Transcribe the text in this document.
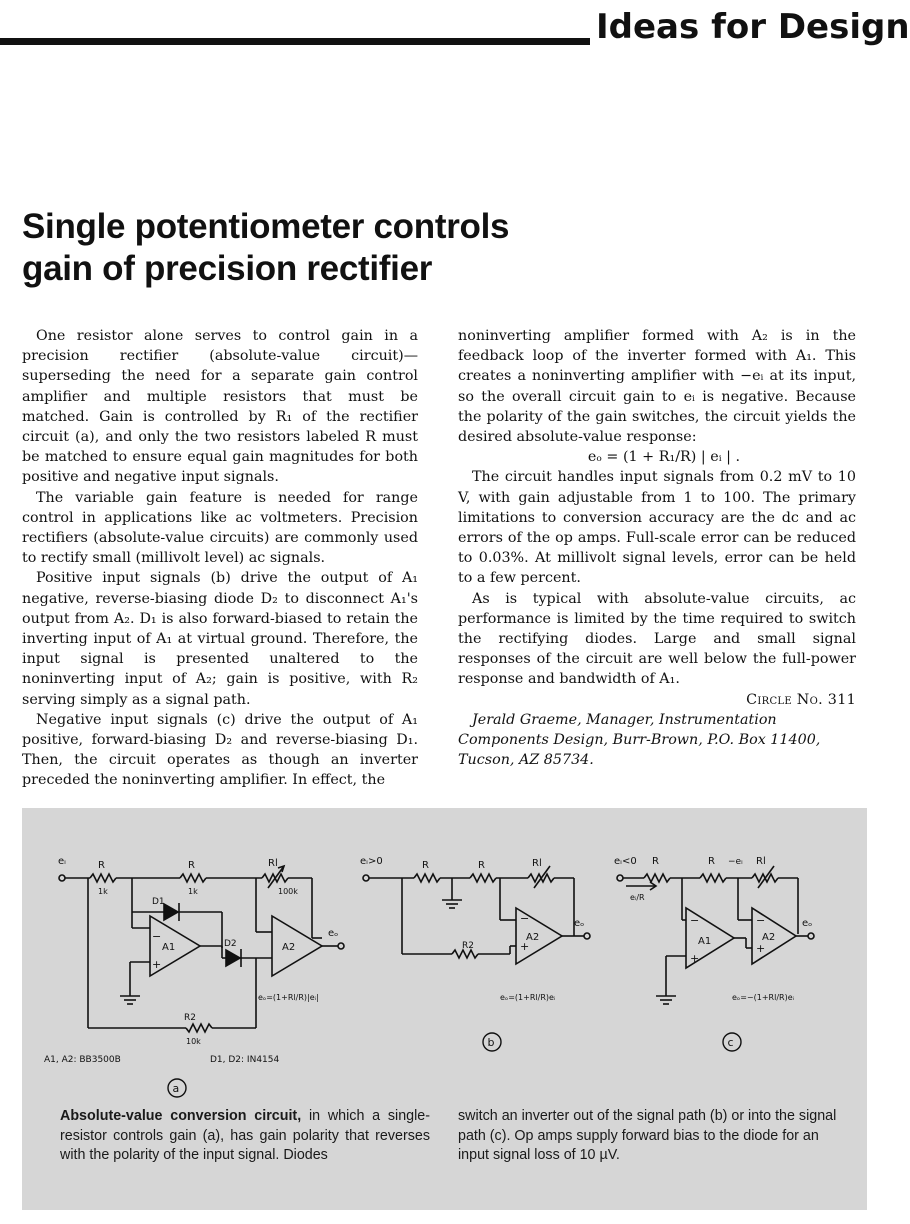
Ideas for Design
Single potentiometer controls
gain of precision rectifier

One resistor alone serves to control gain in a precision rectifier (absolute-value circuit)—superseding the need for a separate gain control amplifier and multiple resistors that must be matched. Gain is controlled by R₁ of the rectifier circuit (a), and only the two resistors labeled R must be matched to ensure equal gain magnitudes for both positive and negative input signals.

The variable gain feature is needed for range control in applications like ac voltmeters. Precision rectifiers (absolute-value circuits) are commonly used to rectify small (millivolt level) ac signals.

Positive input signals (b) drive the output of A₁ negative, reverse-biasing diode D₂ to disconnect A₁'s output from A₂. D₁ is also forward-biased to retain the inverting input of A₁ at virtual ground. Therefore, the input signal is presented unaltered to the noninverting input of A₂; gain is positive, with R₂ serving simply as a signal path.

Negative input signals (c) drive the output of A₁ positive, forward-biasing D₂ and reverse-biasing D₁. Then, the circuit operates as though an inverter preceded the noninverting amplifier. In effect, the

noninverting amplifier formed with A₂ is in the feedback loop of the inverter formed with A₁. This creates a noninverting amplifier with −eᵢ at its input, so the overall circuit gain to eᵢ is negative. Because the polarity of the gain switches, the circuit yields the desired absolute-value response:

eₒ = (1 + R₁/R) | eᵢ | .

The circuit handles input signals from 0.2 mV to 10 V, with gain adjustable from 1 to 100. The primary limitations to conversion accuracy are the dc and ac errors of the op amps. Full-scale error can be reduced to 0.03%. At millivolt signal levels, error can be held to a few percent.

As is typical with absolute-value circuits, ac performance is limited by the time required to switch the rectifying diodes. Large and small signal responses of the circuit are well below the full-power response and bandwidth of A₁.

Circle No. 311

Jerald Graeme, Manager, Instrumentation Components Design, Burr-Brown, P.O. Box 11400, Tucson, AZ 85734.

eᵢ	R
1k
R
1k
Rl
100k
D1
D2
A1	A2
−
+
eₒ
eₒ=(1+Rl/R)|eᵢ|
R2
10k
A1, A2: BB3500B	D1, D2: IN4154
a
eᵢ>0	R	R	Rl
R2
−
+
A2
eₒ
eₒ=(1+Rl/R)eᵢ
b
eᵢ<0 R	R −eᵢ Rl
eᵢ/R
−
+
A1
−
+
A2
eₒ
eₒ=−(1+Rl/R)eᵢ
c
Absolute-value conversion circuit, in which a single-resistor controls gain (a), has gain polarity that reverses with the polarity of the input signal. Diodes
switch an inverter out of the signal path (b) or into the signal path (c). Op amps supply forward bias to the diode for an input signal loss of 10 µV.
